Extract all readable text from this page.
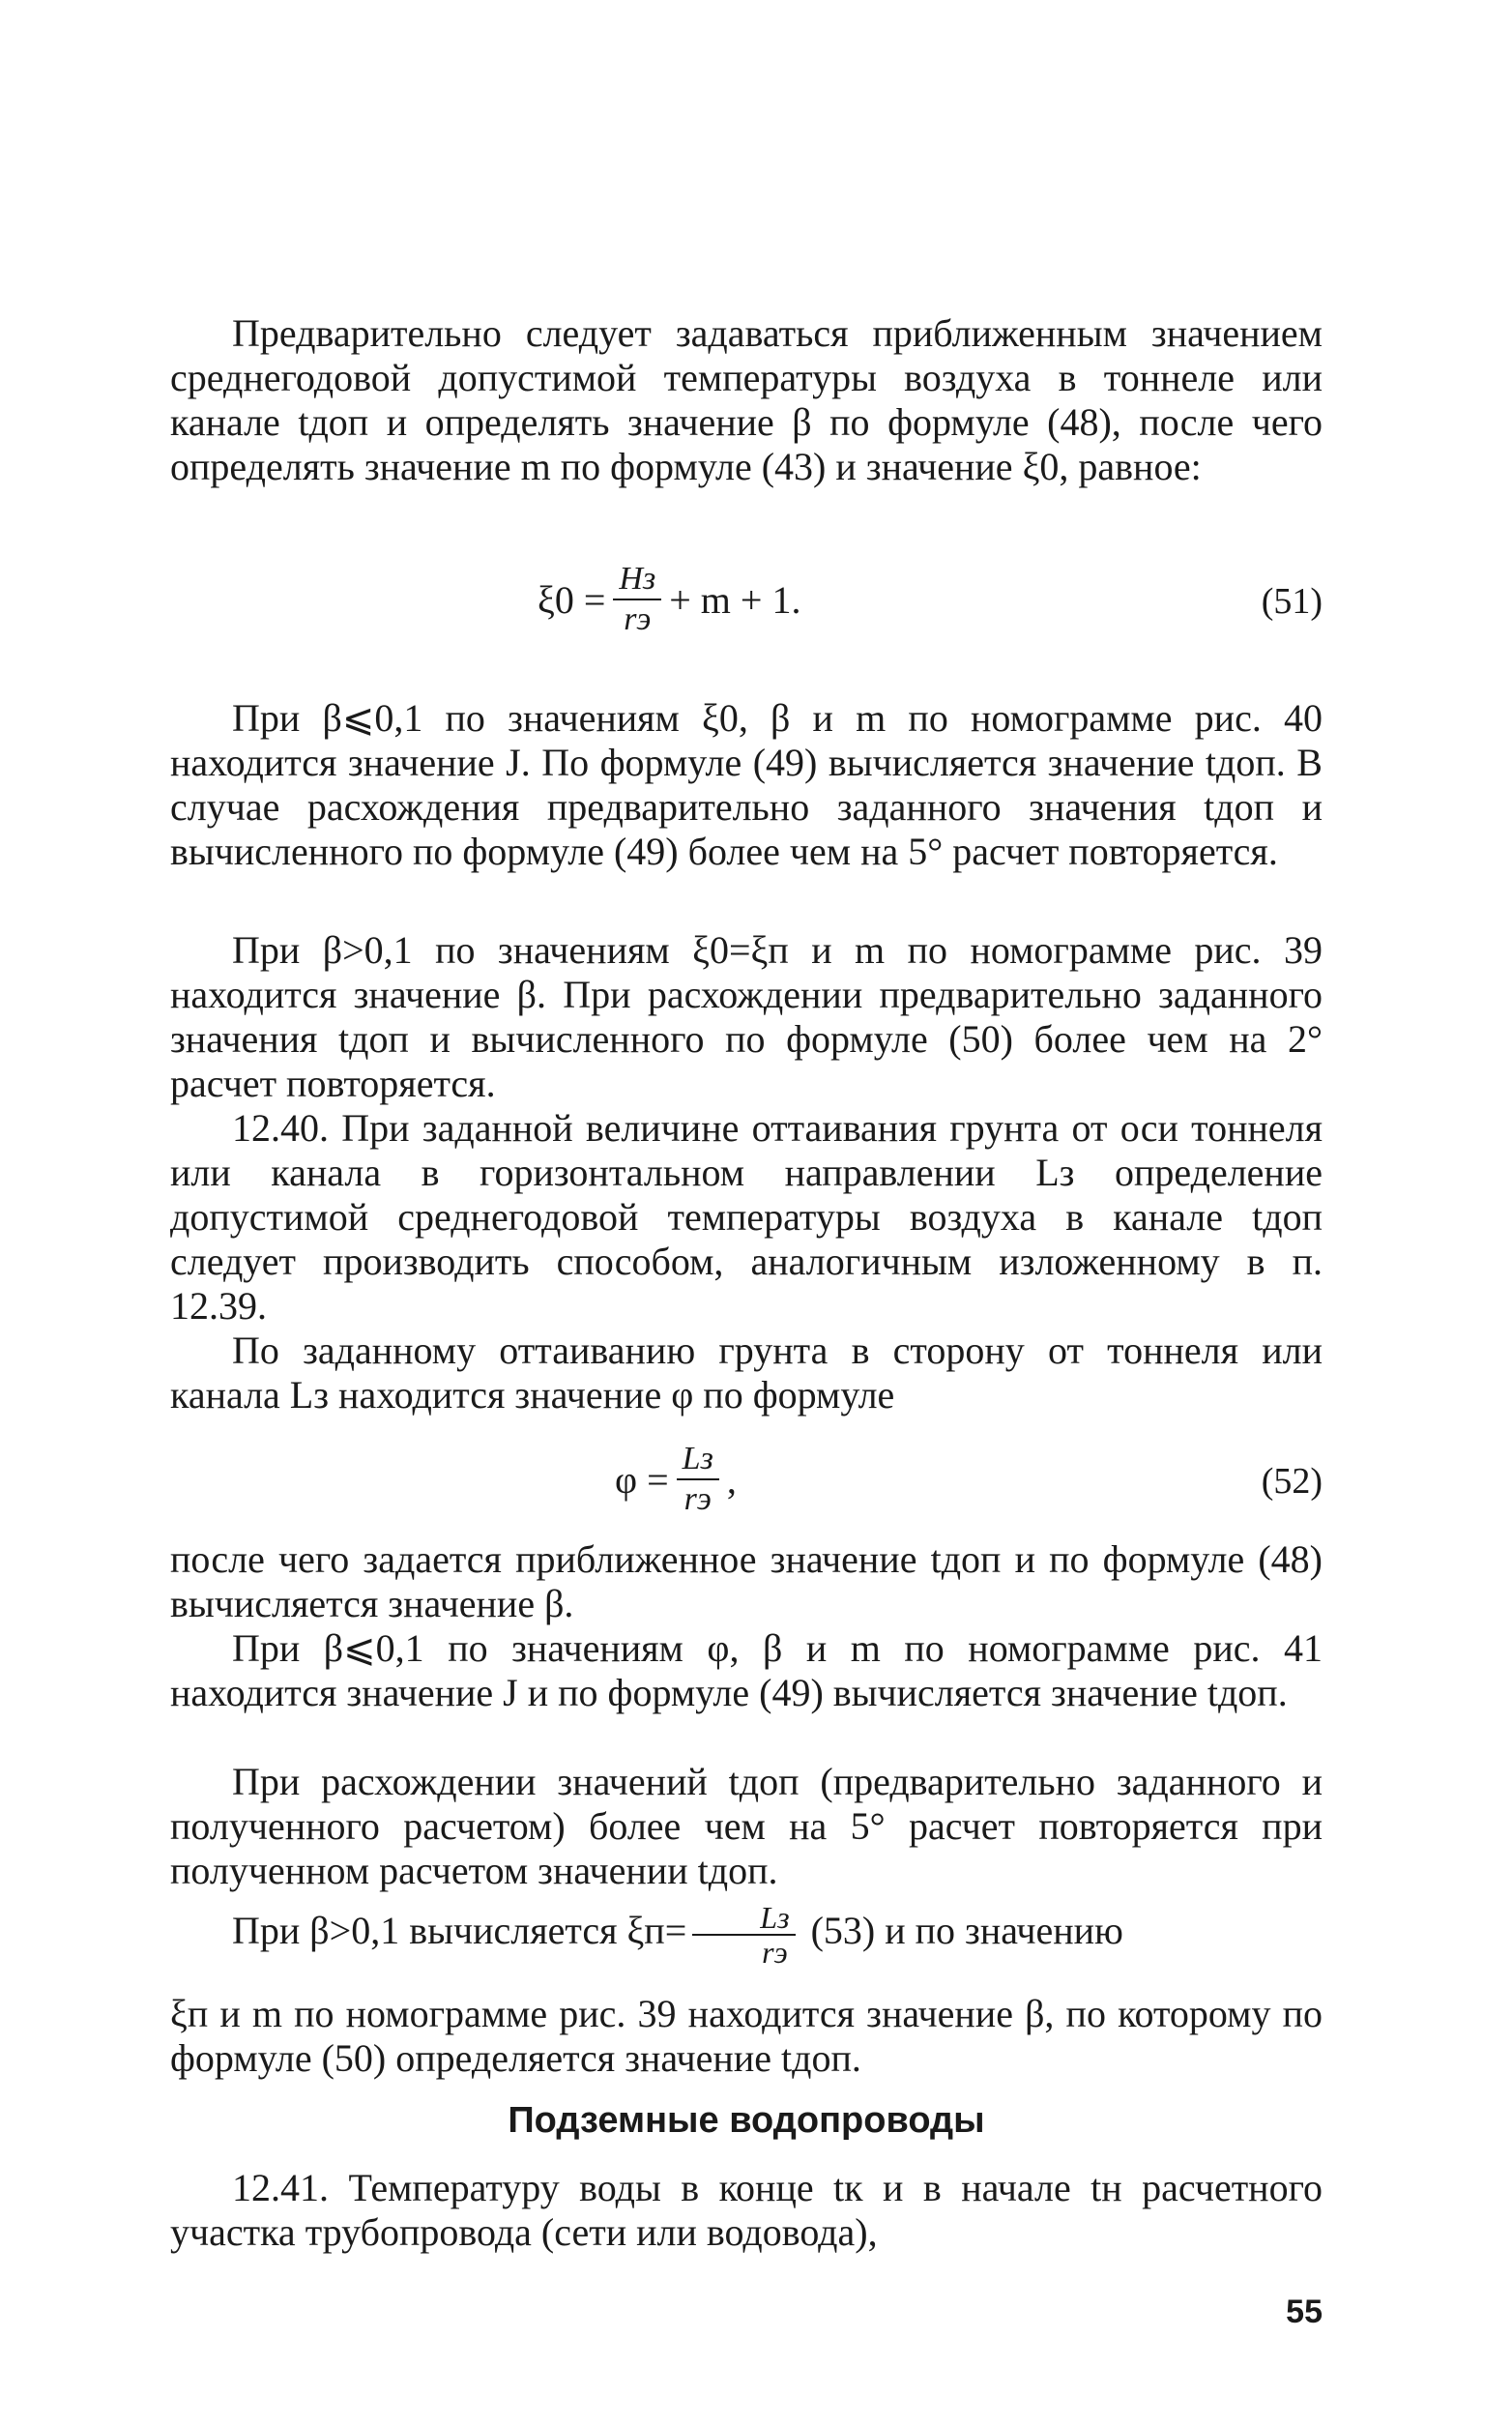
Предварительно следует задаваться приближенным значением среднегодовой допустимой температуры воздуха в тоннеле или канале tдоп и определять значение β по формуле (48), после чего определять значение m по формуле (43) и значение ξ0, равное:

$\xi 0 = \frac{Hз}{rэ} + m + 1$.	(51)

При β⩽0,1 по значениям ξ0, β и m по номограмме рис. 40 находится значение J. По формуле (49) вычисляется значение tдоп. В случае расхождения предварительно заданного значения tдоп и вычисленного по формуле (49) более чем на 5° расчет повторяется.

При β>0,1 по значениям ξ0=ξп и m по номограмме рис. 39 находится значение β. При расхождении предварительно заданного значения tдоп и вычисленного по формуле (50) более чем на 2° расчет повторяется.

12.40. При заданной величине оттаивания грунта от оси тоннеля или канала в горизонтальном направлении Lз определение допустимой среднегодовой температуры воздуха в канале tдоп следует производить способом, аналогичным изложенному в п. 12.39.

По заданному оттаиванию грунта в сторону от тоннеля или канала Lз находится значение φ по формуле

$\varphi = \frac{Lз}{rэ}$ ,	(52)

после чего задается приближенное значение tдоп и по формуле (48) вычисляется значение β.

При β⩽0,1 по значениям φ, β и m по номограмме рис. 41 находится значение J и по формуле (49) вычисляется значение tдоп.

При расхождении значений tдоп (предварительно заданного и полученного расчетом) более чем на 5° расчет повторяется при полученном расчетом значении tдоп.

При β>0,1 вычисляется $\xi п= \frac{Lз}{rэ} (53)$ и по значению

ξп и m по номограмме рис. 39 находится значение β, по которому по формуле (50) определяется значение tдоп.

Подземные водопроводы

12.41. Температуру воды в конце tк и в начале tн расчетного участка трубопровода (сети или водовода),

55
